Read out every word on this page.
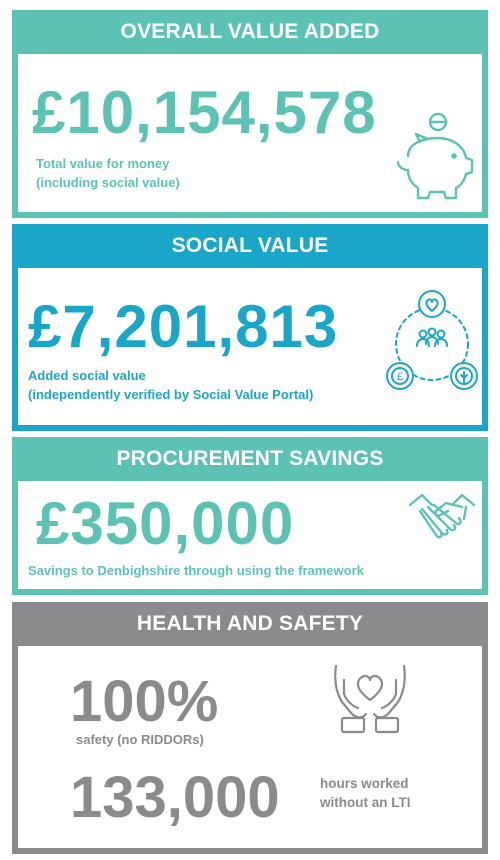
OVERALL VALUE ADDED
£10,154,578
Total value for money
(including social value)
SOCIAL VALUE
£7,201,813
Added social value
(independently verified by Social Value Portal)
£
PROCUREMENT SAVINGS
£350,000
Savings to Denbighshire through using the framework
HEALTH AND SAFETY
100%
safety (no RIDDORs)
133,000	hours worked
without an LTI
